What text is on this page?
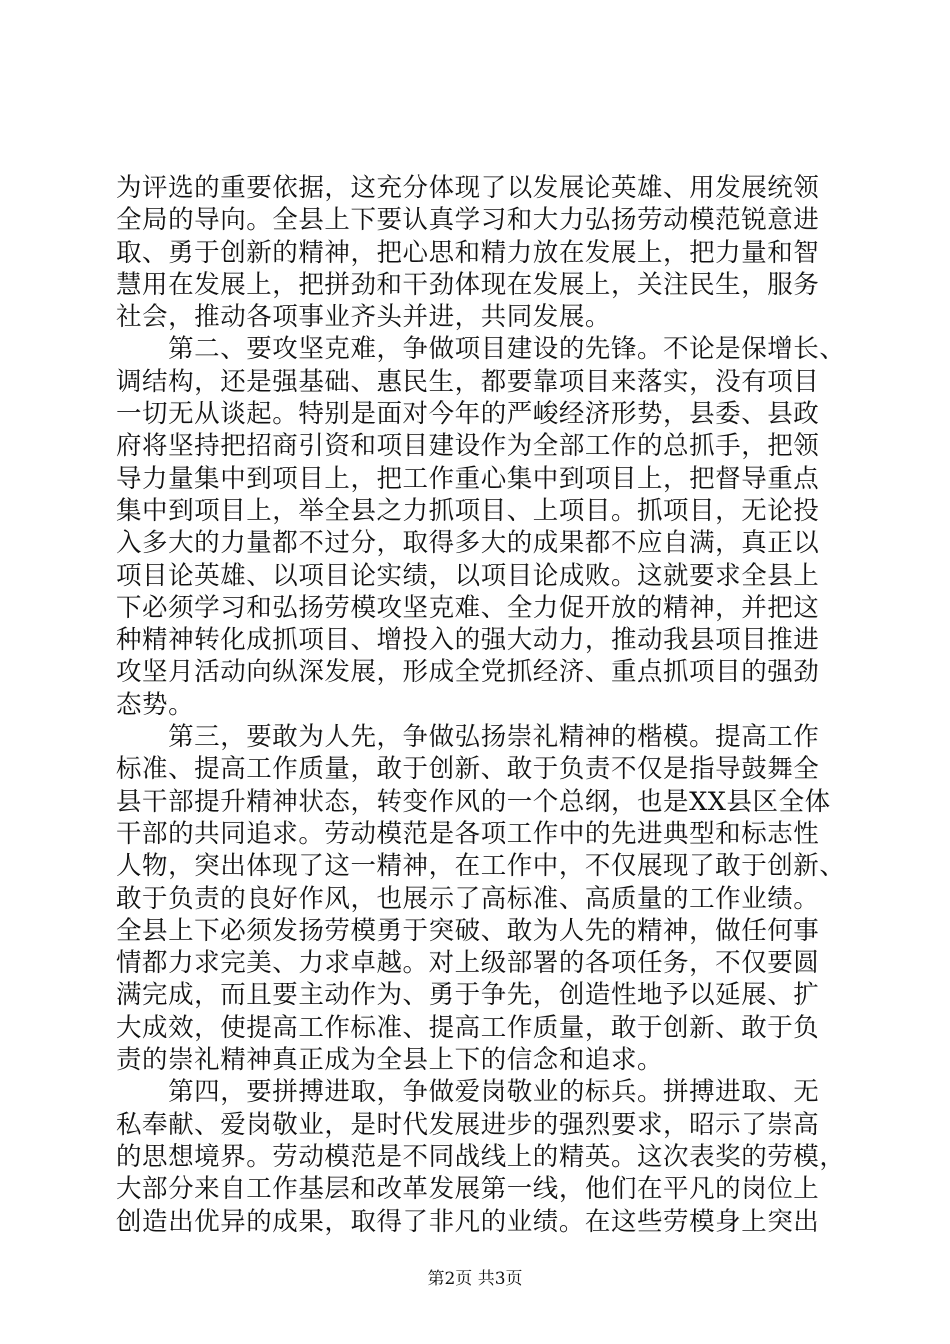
为评选的重要依据，这充分体现了以发展论英雄、用发展统领
全局的导向。全县上下要认真学习和大力弘扬劳动模范锐意进
取、勇于创新的精神，把心思和精力放在发展上，把力量和智
慧用在发展上，把拼劲和干劲体现在发展上，关注民生，服务
社会，推动各项事业齐头并进，共同发展。
　　第二、要攻坚克难，争做项目建设的先锋。不论是保增长、
调结构，还是强基础、惠民生，都要靠项目来落实，没有项目
一切无从谈起。特别是面对今年的严峻经济形势，县委、县政
府将坚持把招商引资和项目建设作为全部工作的总抓手，把领
导力量集中到项目上，把工作重心集中到项目上，把督导重点
集中到项目上，举全县之力抓项目、上项目。抓项目，无论投
入多大的力量都不过分，取得多大的成果都不应自满，真正以
项目论英雄、以项目论实绩，以项目论成败。这就要求全县上
下必须学习和弘扬劳模攻坚克难、全力促开放的精神，并把这
种精神转化成抓项目、增投入的强大动力，推动我县项目推进
攻坚月活动向纵深发展，形成全党抓经济、重点抓项目的强劲
态势。
　　第三，要敢为人先，争做弘扬崇礼精神的楷模。提高工作
标准、提高工作质量，敢于创新、敢于负责不仅是指导鼓舞全
县干部提升精神状态，转变作风的一个总纲，也是XX县区全体
干部的共同追求。劳动模范是各项工作中的先进典型和标志性
人物，突出体现了这一精神，在工作中，不仅展现了敢于创新、
敢于负责的良好作风，也展示了高标准、高质量的工作业绩。
全县上下必须发扬劳模勇于突破、敢为人先的精神，做任何事
情都力求完美、力求卓越。对上级部署的各项任务，不仅要圆
满完成，而且要主动作为、勇于争先，创造性地予以延展、扩
大成效，使提高工作标准、提高工作质量，敢于创新、敢于负
责的崇礼精神真正成为全县上下的信念和追求。
　　第四，要拼搏进取，争做爱岗敬业的标兵。拼搏进取、无
私奉献、爱岗敬业，是时代发展进步的强烈要求，昭示了崇高
的思想境界。劳动模范是不同战线上的精英。这次表奖的劳模，
大部分来自工作基层和改革发展第一线，他们在平凡的岗位上
创造出优异的成果，取得了非凡的业绩。在这些劳模身上突出
第2页 共3页
